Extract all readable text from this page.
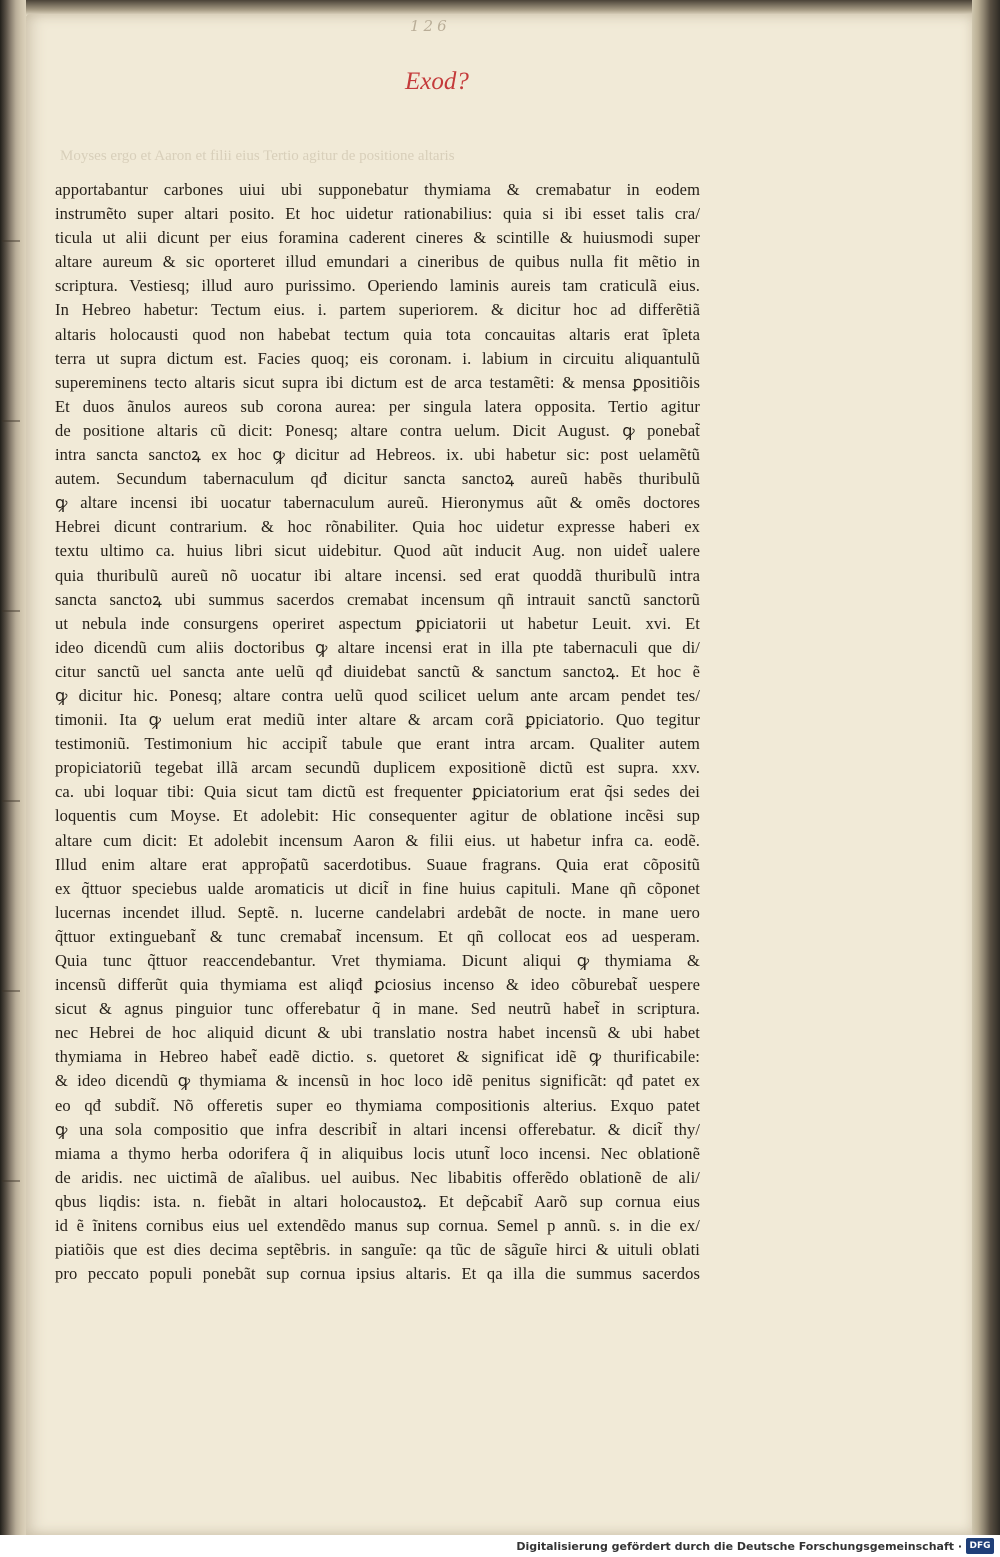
126
Exod?
Moyses ergo et Aaron et filii eius Tertio agitur de positione altaris
apportabantur carbones uiui ubi supponebatur thymiama & cremabatur in eodem
instrumẽto super altari posito. Et hoc uidetur rationabilius: quia si ibi esset talis cra/
ticula ut alii dicunt per eius foramina caderent cineres & scintille & huiusmodi super
altare aureum & sic oporteret illud emundari a cineribus de quibus nulla fit mẽtio in
scriptura. Vestiesq; illud auro purissimo. Operiendo laminis aureis tam craticulã eius.
In Hebreo habetur: Tectum eius. i. partem superiorem. & dicitur hoc ad differẽtiã
altaris holocausti quod non habebat tectum quia tota concauitas altaris erat ĩpleta
terra ut supra dictum est. Facies quoq; eis coronam. i. labium in circuitu aliquantulũ
supereminens tecto altaris sicut supra ibi dictum est de arca testamẽti: & mensa ꝑpositiõis
Et duos ãnulos aureos sub corona aurea: per singula latera opposita. Tertio agitur
de positione altaris cũ dicit: Ponesq; altare contra uelum. Dicit August. ꝙ ponebat̃
intra sancta sanctoꝝ ex hoc ꝙ dicitur ad Hebreos. ix. ubi habetur sic: post uelamẽtũ
autem. Secundum tabernaculum qđ dicitur sancta sanctoꝝ aureũ habẽs thuribulũ
ꝙ altare incensi ibi uocatur tabernaculum aureũ. Hieronymus aũt & omẽs doctores
Hebrei dicunt contrarium. & hoc rõnabiliter. Quia hoc uidetur expresse haberi ex
textu ultimo ca. huius libri sicut uidebitur. Quod aũt inducit Aug. non uidet̃ ualere
quia thuribulũ aureũ nõ uocatur ibi altare incensi. sed erat quoddã thuribulũ intra
sancta sanctoꝝ ubi summus sacerdos cremabat incensum qñ intrauit sanctũ sanctorũ
ut nebula inde consurgens operiret aspectum ꝑpiciatorii ut habetur Leuit. xvi. Et
ideo dicendũ cum aliis doctoribus ꝙ altare incensi erat in illa pte tabernaculi que di/
citur sanctũ uel sancta ante uelũ qđ diuidebat sanctũ & sanctum sanctoꝝ. Et hoc ẽ
ꝙ dicitur hic. Ponesq; altare contra uelũ quod scilicet uelum ante arcam pendet tes/
timonii. Ita ꝙ uelum erat mediũ inter altare & arcam corã ꝑpiciatorio. Quo tegitur
testimoniũ. Testimonium hic accipit̃ tabule que erant intra arcam. Qualiter autem
propiciatoriũ tegebat illã arcam secundũ duplicem expositionẽ dictũ est supra. xxv.
ca. ubi loquar tibi: Quia sicut tam dictũ est frequenter ꝑpiciatorium erat q̃si sedes dei
loquentis cum Moyse. Et adolebit: Hic consequenter agitur de oblatione incẽsi sup
altare cum dicit: Et adolebit incensum Aaron & filii eius. ut habetur infra ca. eodẽ.
Illud enim altare erat approp̃atũ sacerdotibus. Suaue fragrans. Quia erat cõpositũ
ex q̃ttuor speciebus ualde aromaticis ut dicit̃ in fine huius capituli. Mane qñ cõponet
lucernas incendet illud. Septẽ. n. lucerne candelabri ardebãt de nocte. in mane uero
q̃ttuor extinguebant̃ & tunc cremabat̃ incensum. Et qñ collocat eos ad uesperam.
Quia tunc q̃ttuor reaccendebantur. Vret thymiama. Dicunt aliqui ꝙ thymiama &
incensũ differũt quia thymiama est aliqđ ꝑciosius incenso & ideo cõburebat̃ uespere
sicut & agnus pinguior tunc offerebatur q̃ in mane. Sed neutrũ habet̃ in scriptura.
nec Hebrei de hoc aliquid dicunt & ubi translatio nostra habet incensũ & ubi habet
thymiama in Hebreo habet̃ eadẽ dictio. s. quetoret & significat idẽ ꝙ thurificabile:
& ideo dicendũ ꝙ thymiama & incensũ in hoc loco idẽ penitus significãt: qđ patet ex
eo qđ subdit̃. Nõ offeretis super eo thymiama compositionis alterius. Exquo patet
ꝙ una sola compositio que infra describit̃ in altari incensi offerebatur. & dicit̃ thy/
miama a thymo herba odorifera q̃ in aliquibus locis utunt̃ loco incensi. Nec oblationẽ
de aridis. nec uictimã de aĩalibus. uel auibus. Nec libabitis offerẽdo oblationẽ de ali/
qbus liqdis: ista. n. fiebãt in altari holocaustoꝝ. Et dep̃cabit̃ Aarõ sup cornua eius
id ẽ ĩnitens cornibus eius uel extendẽdo manus sup cornua. Semel p annũ. s. in die ex/
piatiõis que est dies decima septẽbris. in sanguĩe: qa tũc de sãguĩe hirci & uituli oblati
pro peccato populi ponebãt sup cornua ipsius altaris. Et qa illa die summus sacerdos
Digitalisierung gefördert durch die Deutsche Forschungsgemeinschaft · DFG
